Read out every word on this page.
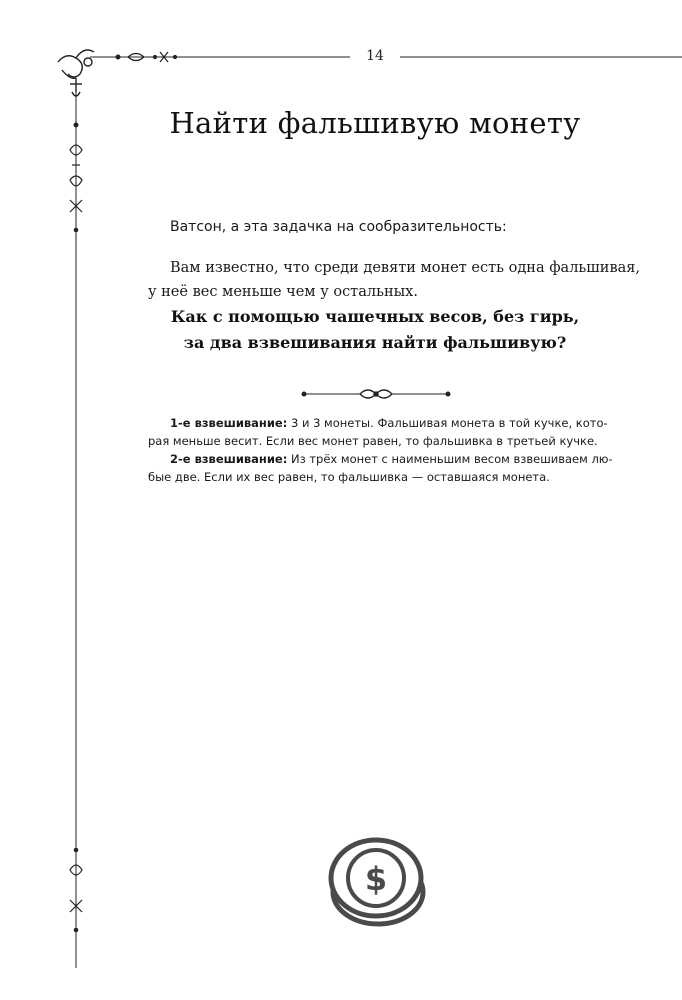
$
14
Найти фальшивую монету

Ватсон, а эта задачка на сообразительность:

Вам известно, что среди девяти монет есть одна фальшивая,
у неё вес меньше чем у остальных.

Как с помощью чашечных весов, без гирь,
за два взвешивания найти фальшивую?

1-е взвешивание: 3 и 3 монеты. Фальшивая монета в той кучке, кото-
рая меньше весит. Если вес монет равен, то фальшивка в третьей кучке.
2-е взвешивание: Из трёх монет с наименьшим весом взвешиваем лю-
бые две. Если их вес равен, то фальшивка — оставшаяся монета.
